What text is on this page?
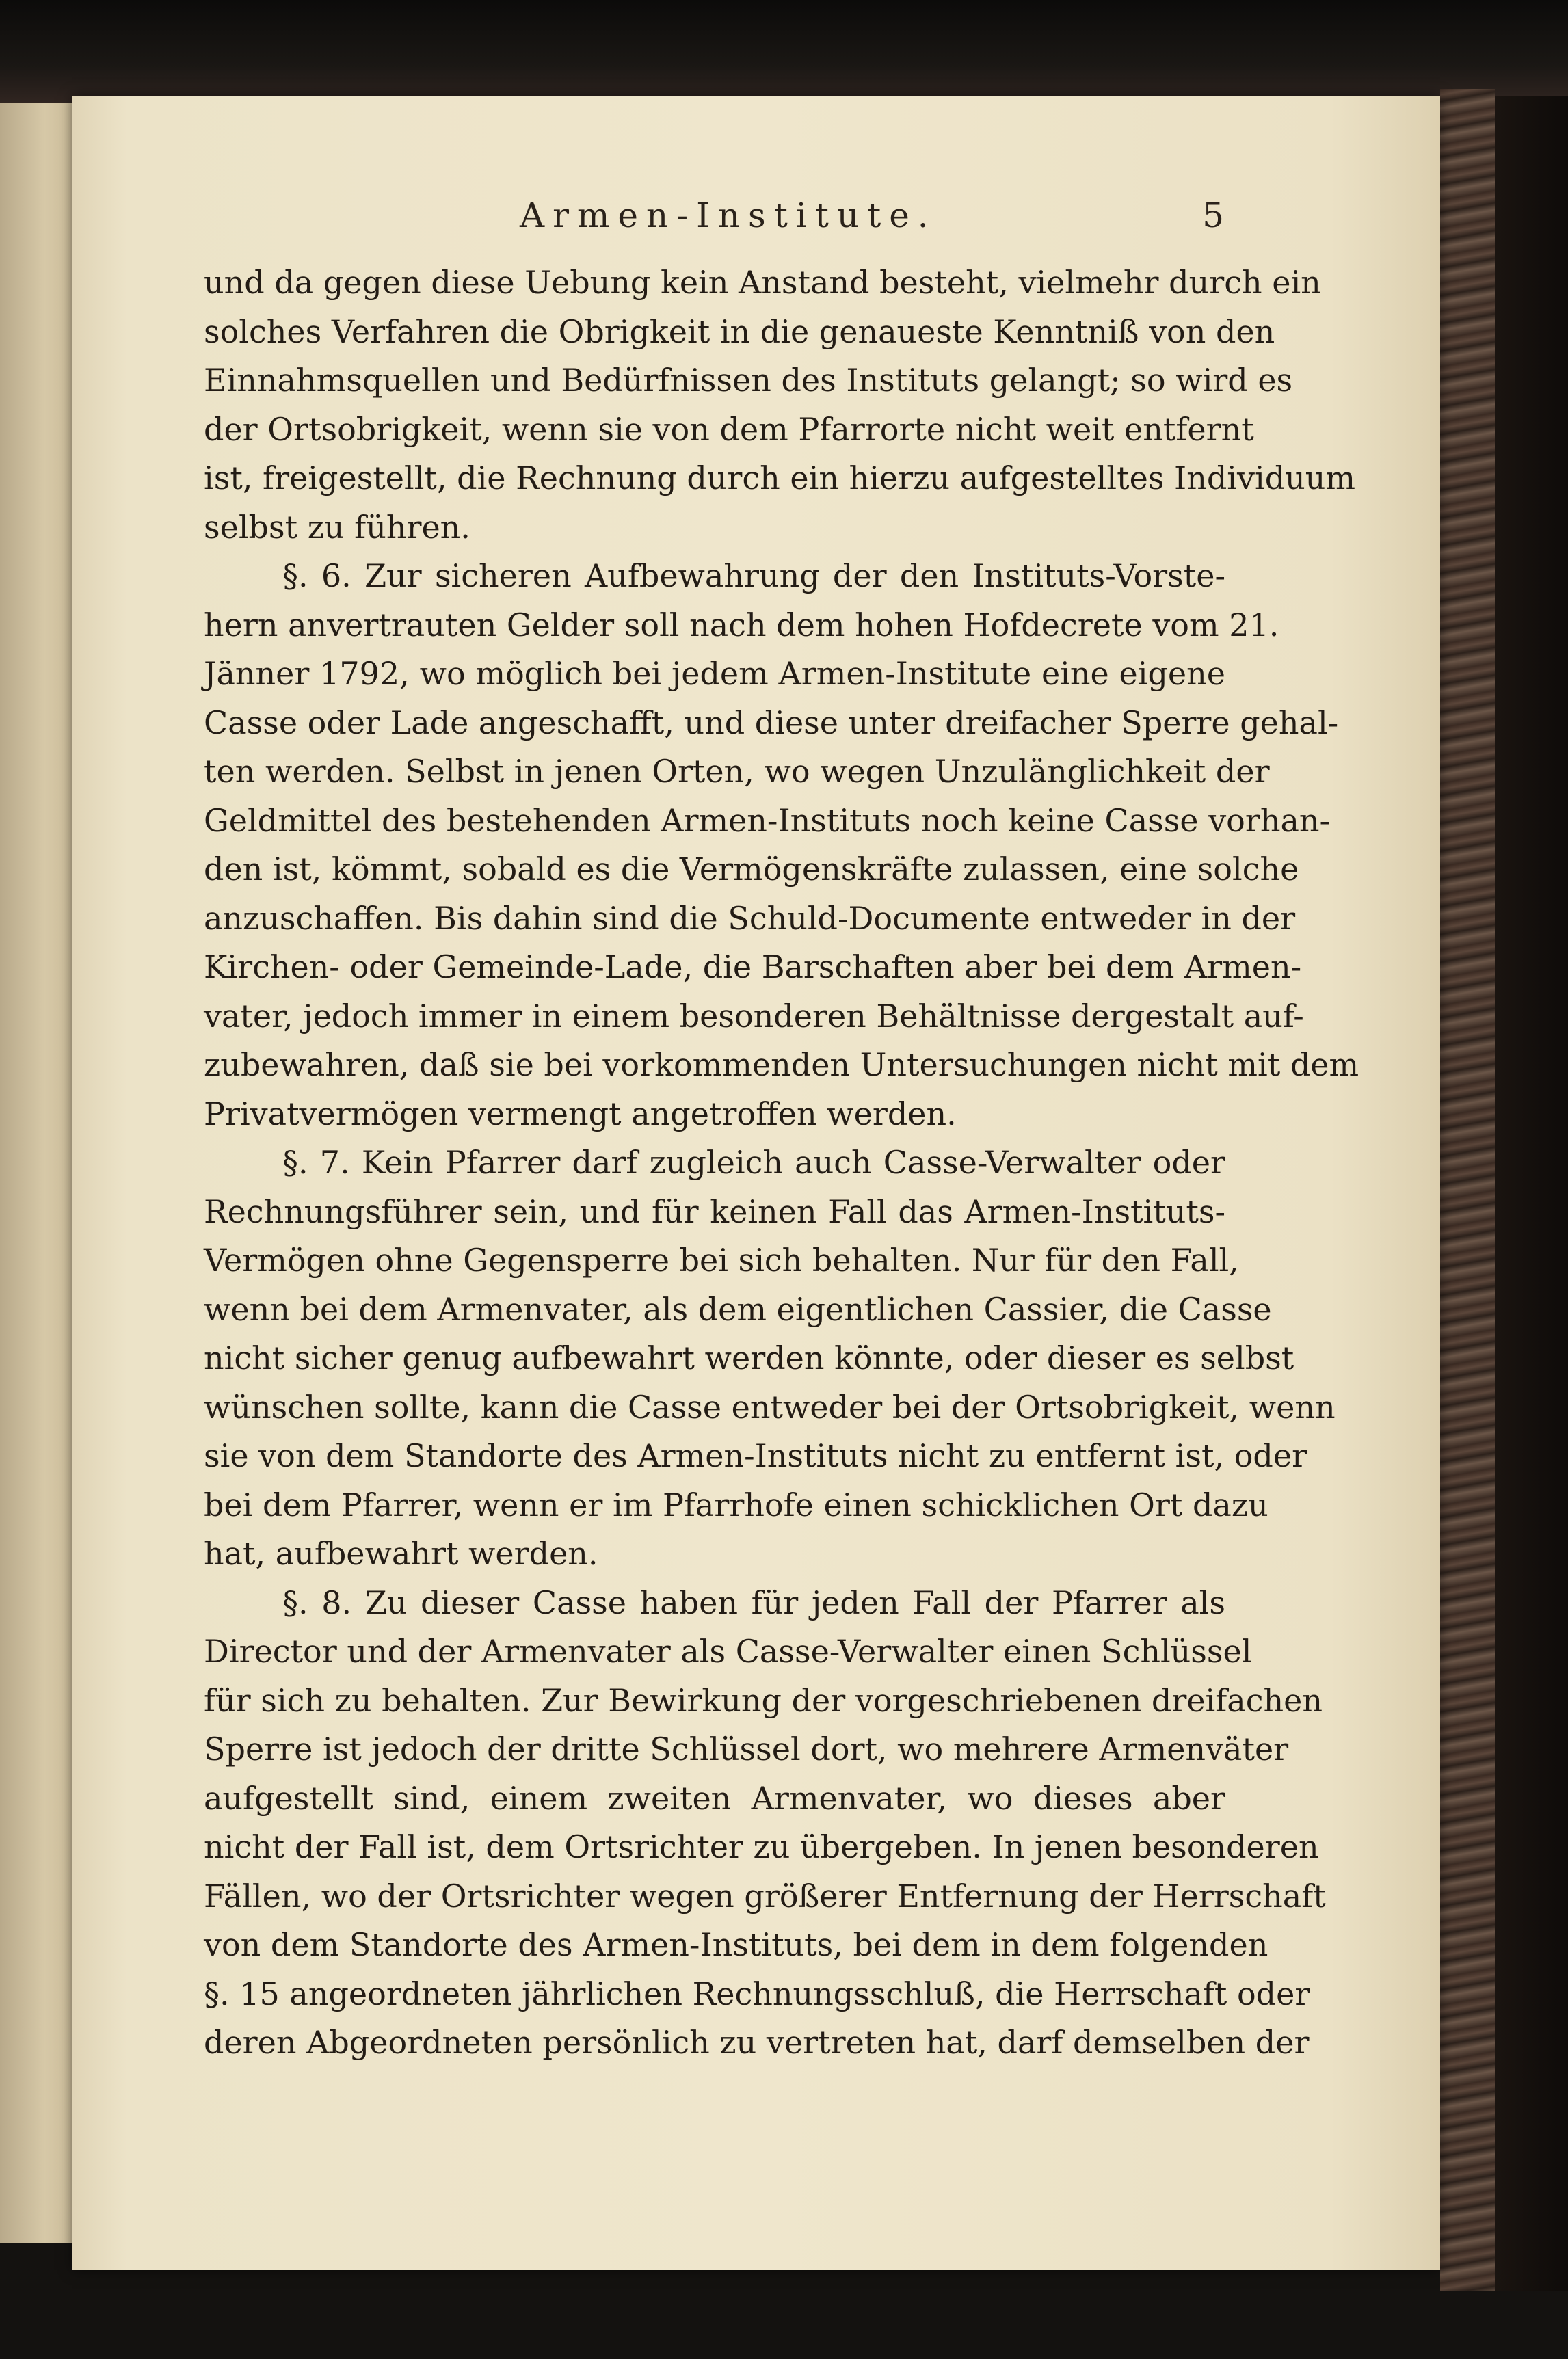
Armen-Institute.	5
und da gegen diese Uebung kein Anstand besteht, vielmehr durch ein
solches Verfahren die Obrigkeit in die genaueste Kenntniß von den
Einnahmsquellen und Bedürfnissen des Instituts gelangt; so wird es
der Ortsobrigkeit, wenn sie von dem Pfarrorte nicht weit entfernt
ist, freigestellt, die Rechnung durch ein hierzu aufgestelltes Individuum
selbst zu führen.
§. 6. Zur sicheren Aufbewahrung der den Instituts-Vorste-
hern anvertrauten Gelder soll nach dem hohen Hofdecrete vom 21.
Jänner 1792, wo möglich bei jedem Armen-Institute eine eigene
Casse oder Lade angeschafft, und diese unter dreifacher Sperre gehal-
ten werden. Selbst in jenen Orten, wo wegen Unzulänglichkeit der
Geldmittel des bestehenden Armen-Instituts noch keine Casse vorhan-
den ist, kömmt, sobald es die Vermögenskräfte zulassen, eine solche
anzuschaffen. Bis dahin sind die Schuld-Documente entweder in der
Kirchen- oder Gemeinde-Lade, die Barschaften aber bei dem Armen-
vater, jedoch immer in einem besonderen Behältnisse dergestalt auf-
zubewahren, daß sie bei vorkommenden Untersuchungen nicht mit dem
Privatvermögen vermengt angetroffen werden.
§. 7. Kein Pfarrer darf zugleich auch Casse-Verwalter oder
Rechnungsführer sein, und für keinen Fall das Armen-Instituts-
Vermögen ohne Gegensperre bei sich behalten. Nur für den Fall,
wenn bei dem Armenvater, als dem eigentlichen Cassier, die Casse
nicht sicher genug aufbewahrt werden könnte, oder dieser es selbst
wünschen sollte, kann die Casse entweder bei der Ortsobrigkeit, wenn
sie von dem Standorte des Armen-Instituts nicht zu entfernt ist, oder
bei dem Pfarrer, wenn er im Pfarrhofe einen schicklichen Ort dazu
hat, aufbewahrt werden.
§. 8. Zu dieser Casse haben für jeden Fall der Pfarrer als
Director und der Armenvater als Casse-Verwalter einen Schlüssel
für sich zu behalten. Zur Bewirkung der vorgeschriebenen dreifachen
Sperre ist jedoch der dritte Schlüssel dort, wo mehrere Armenväter
aufgestellt sind, einem zweiten Armenvater, wo dieses aber
nicht der Fall ist, dem Ortsrichter zu übergeben. In jenen besonderen
Fällen, wo der Ortsrichter wegen größerer Entfernung der Herrschaft
von dem Standorte des Armen-Instituts, bei dem in dem folgenden
§. 15 angeordneten jährlichen Rechnungsschluß, die Herrschaft oder
deren Abgeordneten persönlich zu vertreten hat, darf demselben der
